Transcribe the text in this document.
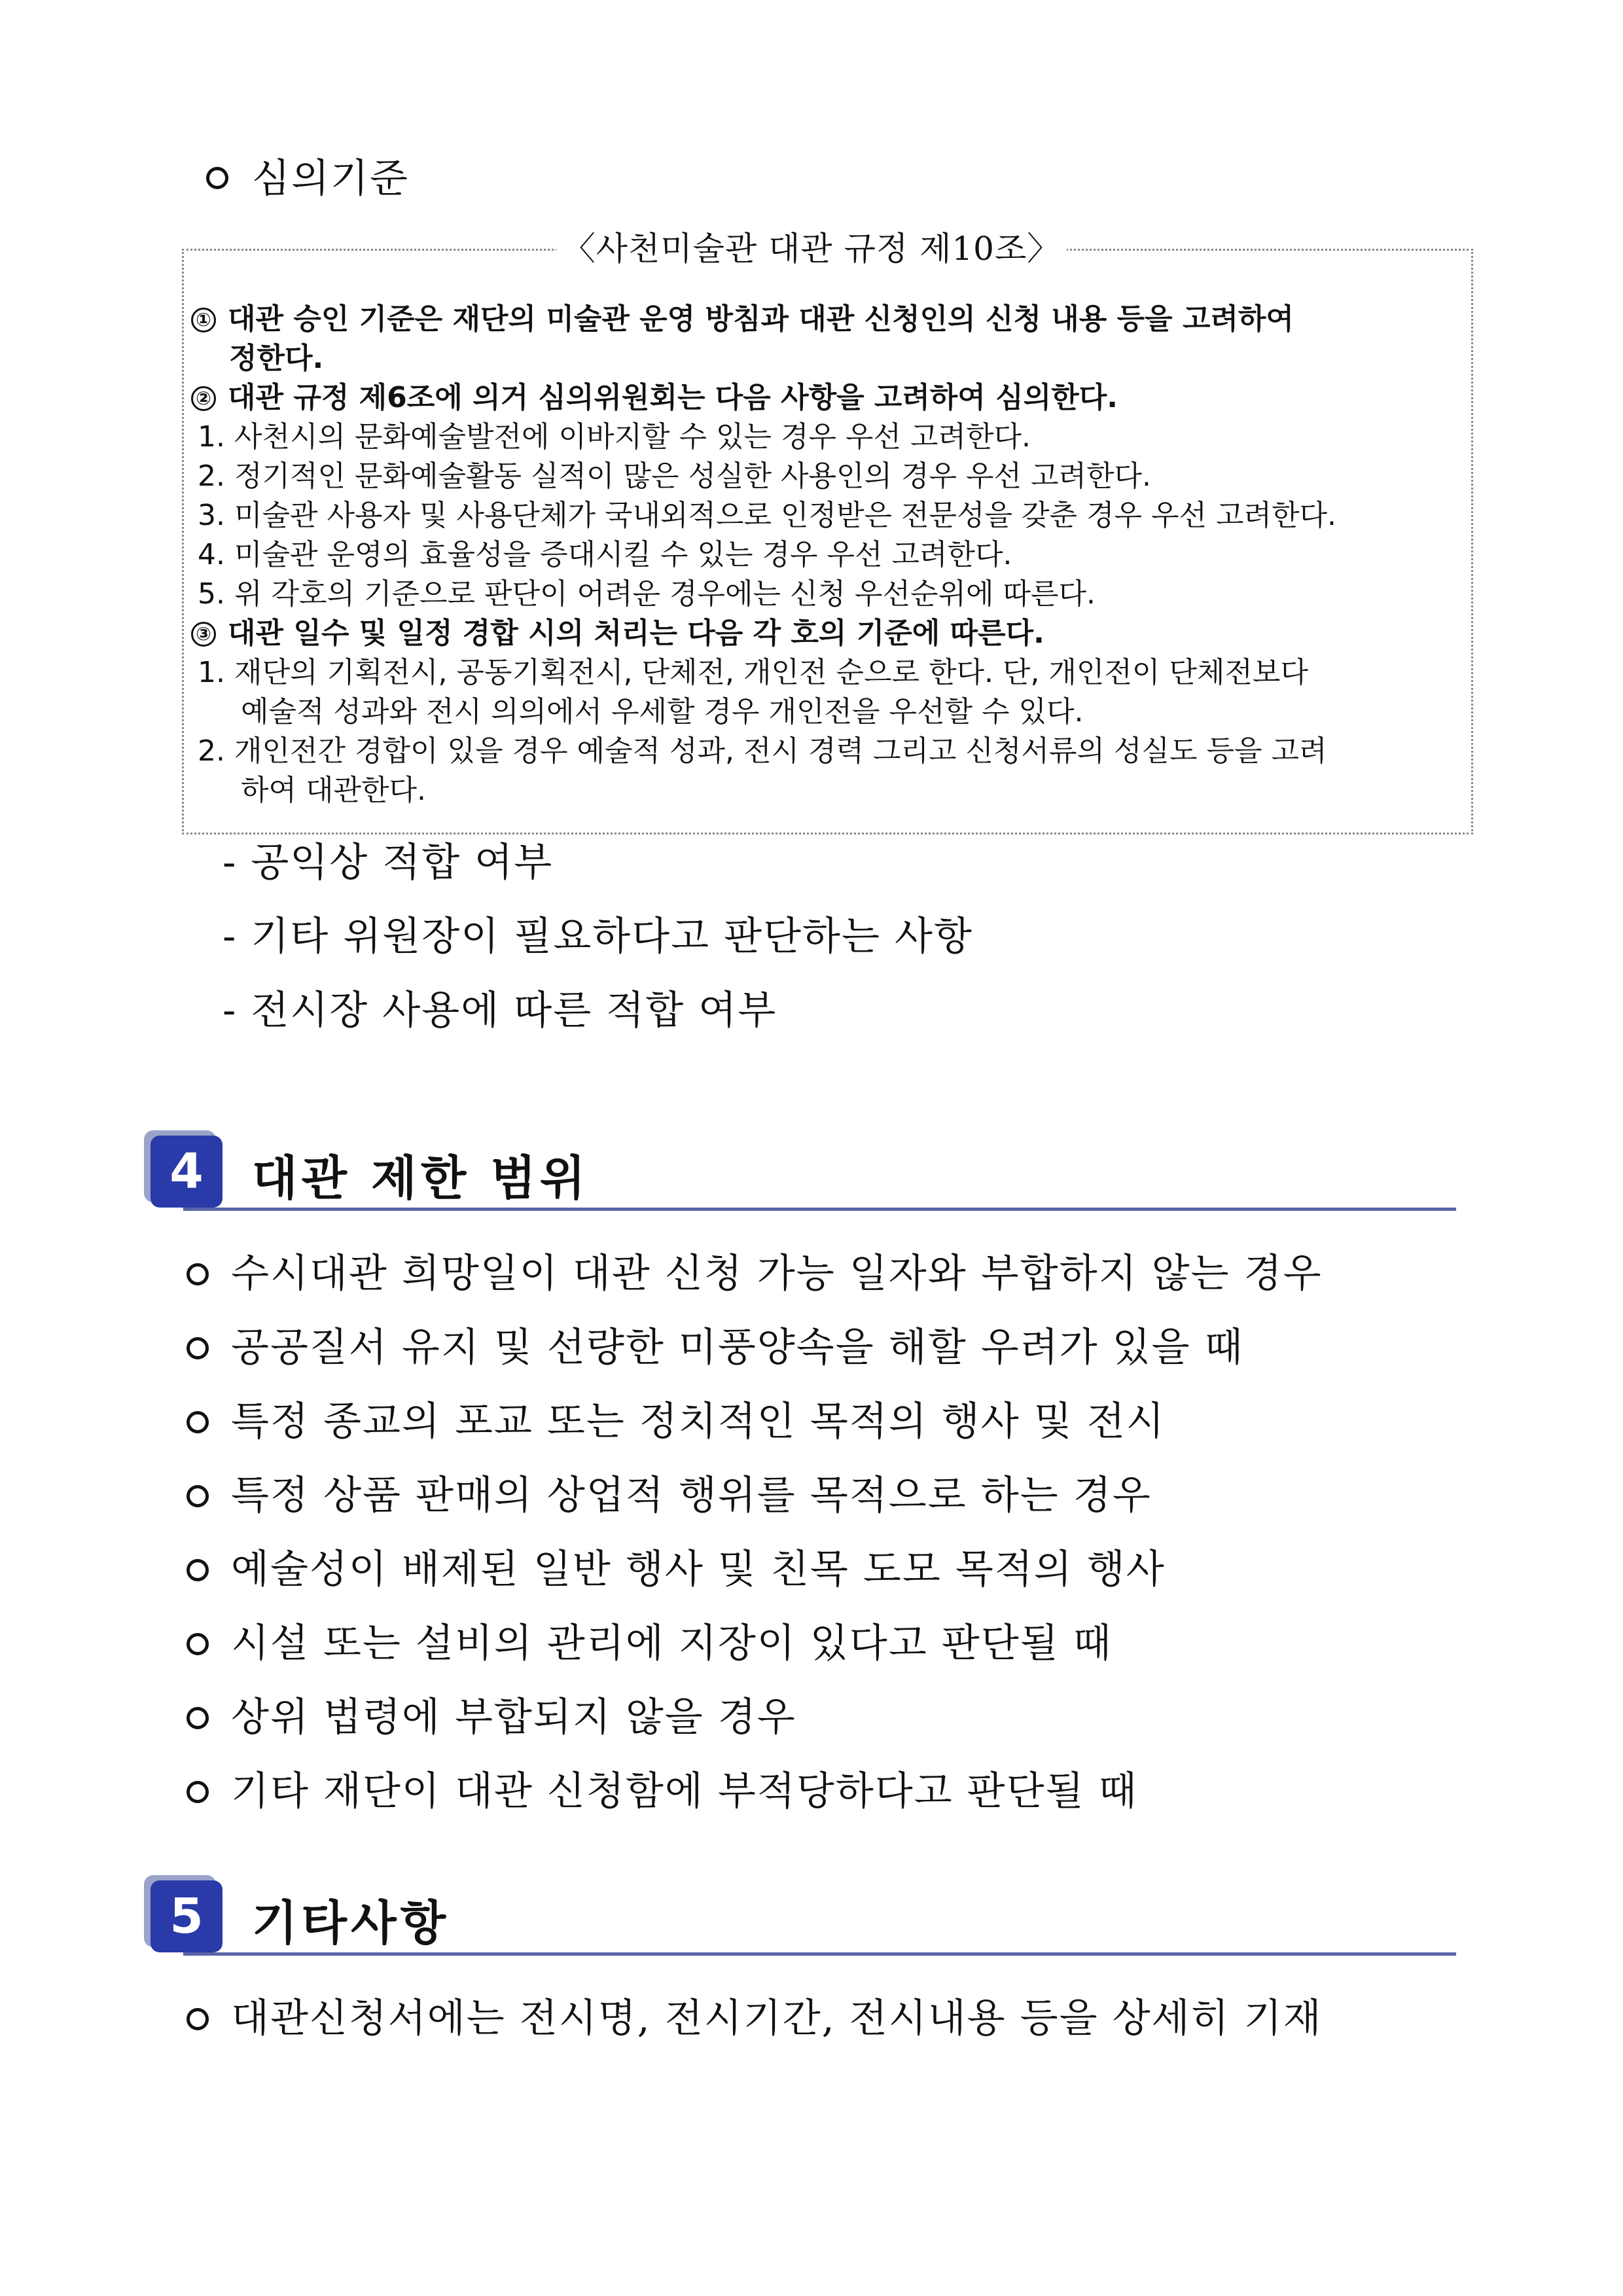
심의기준
〈사천미술관 대관 규정 제10조〉
① 대관 승인 기준은 재단의 미술관 운영 방침과 대관 신청인의 신청 내용 등을 고려하여
정한다.
② 대관 규정 제6조에 의거 심의위원회는 다음 사항을 고려하여 심의한다.
1. 사천시의 문화예술발전에 이바지할 수 있는 경우 우선 고려한다.
2. 정기적인 문화예술활동 실적이 많은 성실한 사용인의 경우 우선 고려한다.
3. 미술관 사용자 및 사용단체가 국내외적으로 인정받은 전문성을 갖춘 경우 우선 고려한다.
4. 미술관 운영의 효율성을 증대시킬 수 있는 경우 우선 고려한다.
5. 위 각호의 기준으로 판단이 어려운 경우에는 신청 우선순위에 따른다.
③ 대관 일수 및 일정 경합 시의 처리는 다음 각 호의 기준에 따른다.
1. 재단의 기획전시, 공동기획전시, 단체전, 개인전 순으로 한다. 단, 개인전이 단체전보다
예술적 성과와 전시 의의에서 우세할 경우 개인전을 우선할 수 있다.
2. 개인전간 경합이 있을 경우 예술적 성과, 전시 경력 그리고 신청서류의 성실도 등을 고려
하여 대관한다.
- 공익상 적합 여부
- 기타 위원장이 필요하다고 판단하는 사항
- 전시장 사용에 따른 적합 여부
4	대관 제한 범위
수시대관 희망일이 대관 신청 가능 일자와 부합하지 않는 경우
공공질서 유지 및 선량한 미풍양속을 해할 우려가 있을 때
특정 종교의 포교 또는 정치적인 목적의 행사 및 전시
특정 상품 판매의 상업적 행위를 목적으로 하는 경우
예술성이 배제된 일반 행사 및 친목 도모 목적의 행사
시설 또는 설비의 관리에 지장이 있다고 판단될 때
상위 법령에 부합되지 않을 경우
기타 재단이 대관 신청함에 부적당하다고 판단될 때
5	기타사항
대관신청서에는 전시명, 전시기간, 전시내용 등을 상세히 기재
